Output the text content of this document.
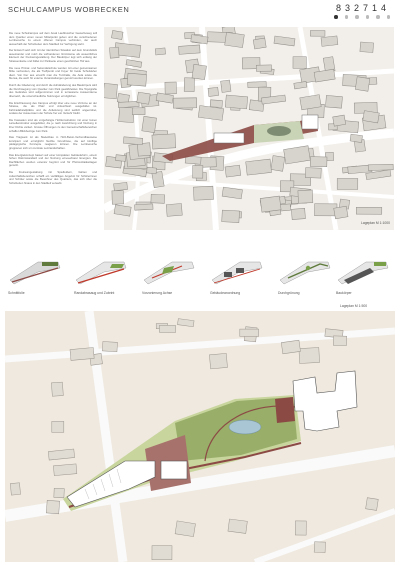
SCHULCAMPUS WOBRECKEN	832714

Die neue Schulcampus auf dem Areal Laubbuscher Gewerbeweg soll dem Quartier einen neuen Mittelpunkt geben und die verschiedenen Lernbereiche zu einem offenen Campus verbinden, der auch ausserhalb der Schulzeiten dem Stadtteil zur Verfügung steht.

Der Entwurf setzt sich mit der räumlichen Situation auf dem Grundstück auseinander und nutzt die vorhandenen Grünräume als wesentliches Element der Freiraumgestaltung. Der Baukörper legt sich entlang der Strassenkante und bildet zur Parkseite einen geschützten Hof aus.

Die neue Primar- und Sekundarschule werden mit einer gemeinsamen Mitte verbunden, die als Treffpunkt und Foyer für beide Schulstufen dient. Von hier aus erreicht man die Turnhalle, die Aula sowie die Mensa, die auch für externe Veranstaltungen genutzt werden können.

Durch die Gliederung und durch die Aufständerung des Baukörpers wird die Durchwegung vom Quartier zum Park gewährleistet. Die Topografie des Geländes wird aufgenommen und in terrassierte Aussenräume übersetzt, die unterschiedliche Nutzungen ermöglichen.

Die Erschliessung des Campus erfolgt über eine neue Vorzone an der Strasse, die als Platz und Ankunftsort ausgebildet ist. Fahrradabstellplätze und die Anlieferung sind seitlich angeordnet, sodass der Aussenraum der Schule frei von Verkehr bleibt.

Die Fassaden sind als vorgehängte Holzkonstruktion mit einer feinen Lamellenstruktur ausgebildet, die je nach Ausrichtung und Nutzung in ihrer Dichte variiert. Grosse Öffnungen zu den Gemeinschaftsbereichen schaffen Blickbezüge zum Park.

Das Tragwerk ist als Skelettbau in Holz-Beton-Verbundbauweise konzipiert und ermöglicht flexible Grundrisse, die auf künftige pädagogische Konzepte reagieren können. Die Lernbereiche gruppieren sich um zentrale Lernlandschaften.

Das Energiekonzept basiert auf einer kompakten Gebäudeform, einem hohen Dämmstandard und der Nutzung erneuerbarer Energien. Die Dachflächen werden extensiv begrünt und für Photovoltaikanlagen genutzt.

Die Freiraumgestaltung mit Spielfeldern, Gärten und Aufenthaltsbereichen schafft ein vielfältiges Angebot für Schülerinnen und Schüler sowie die Bewohner des Quartiers, das sich über die Schulzeiten hinaus in den Stadtteil verwebt.

Lageplan M 1:1000
Schnittfolie	Randabrasaug und Zubrint	Vorzonierung Achse	Gebäudeanordnung	Durchgrünung	Baukörper
Lageplan M 1:500
